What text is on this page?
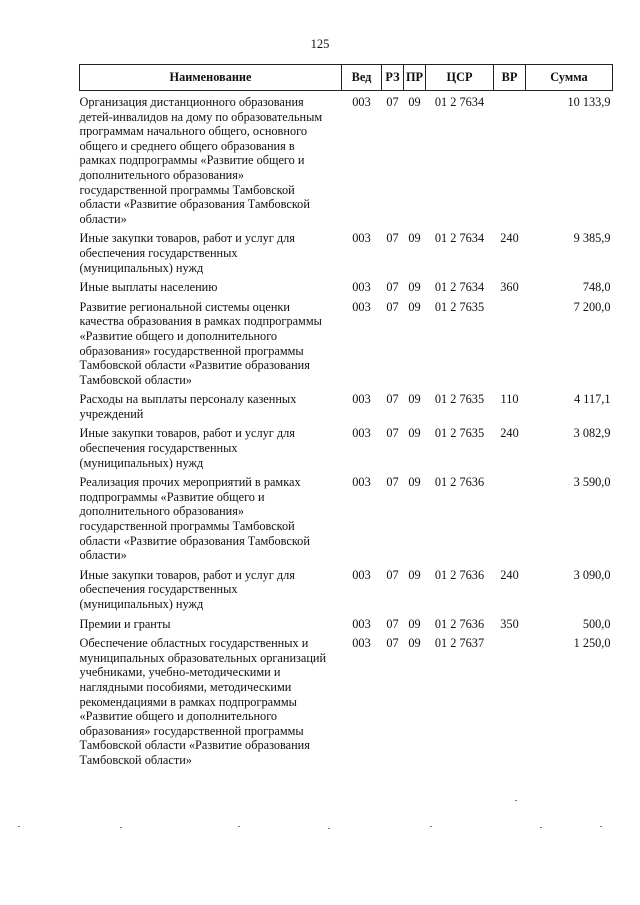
125
Наименование	Вед	РЗ	ПР	ЦСР	ВР	Сумма
Организация дистанционного образования детей-инвалидов на дому по образовательным программам начального общего, основного общего и среднего общего образования в рамках подпрограммы «Развитие общего и дополнительного образования» государственной программы Тамбовской области «Развитие образования Тамбовской области»	003	07	09	01 2 7634		10 133,9
Иные закупки товаров, работ и услуг для обеспечения государственных (муниципальных) нужд	003	07	09	01 2 7634	240	9 385,9
Иные выплаты населению	003	07	09	01 2 7634	360	748,0
Развитие региональной системы оценки качества образования в рамках подпрограммы «Развитие общего и дополнительного образования» государственной программы Тамбовской области «Развитие образования Тамбовской области»	003	07	09	01 2 7635		7 200,0
Расходы на выплаты персоналу казенных учреждений	003	07	09	01 2 7635	110	4 117,1
Иные закупки товаров, работ и услуг для обеспечения государственных (муниципальных) нужд	003	07	09	01 2 7635	240	3 082,9
Реализация прочих мероприятий в рамках подпрограммы «Развитие общего и дополнительного образования» государственной программы Тамбовской области «Развитие образования Тамбовской области»	003	07	09	01 2 7636		3 590,0
Иные закупки товаров, работ и услуг для обеспечения государственных (муниципальных) нужд	003	07	09	01 2 7636	240	3 090,0
Премии и гранты	003	07	09	01 2 7636	350	500,0
Обеспечение областных государственных и муниципальных образовательных организаций учебниками, учебно-методическими и наглядными пособиями, методическими рекомендациями в рамках подпрограммы «Развитие общего и дополнительного образования» государственной программы Тамбовской области «Развитие образования Тамбовской области»	003	07	09	01 2 7637		1 250,0
